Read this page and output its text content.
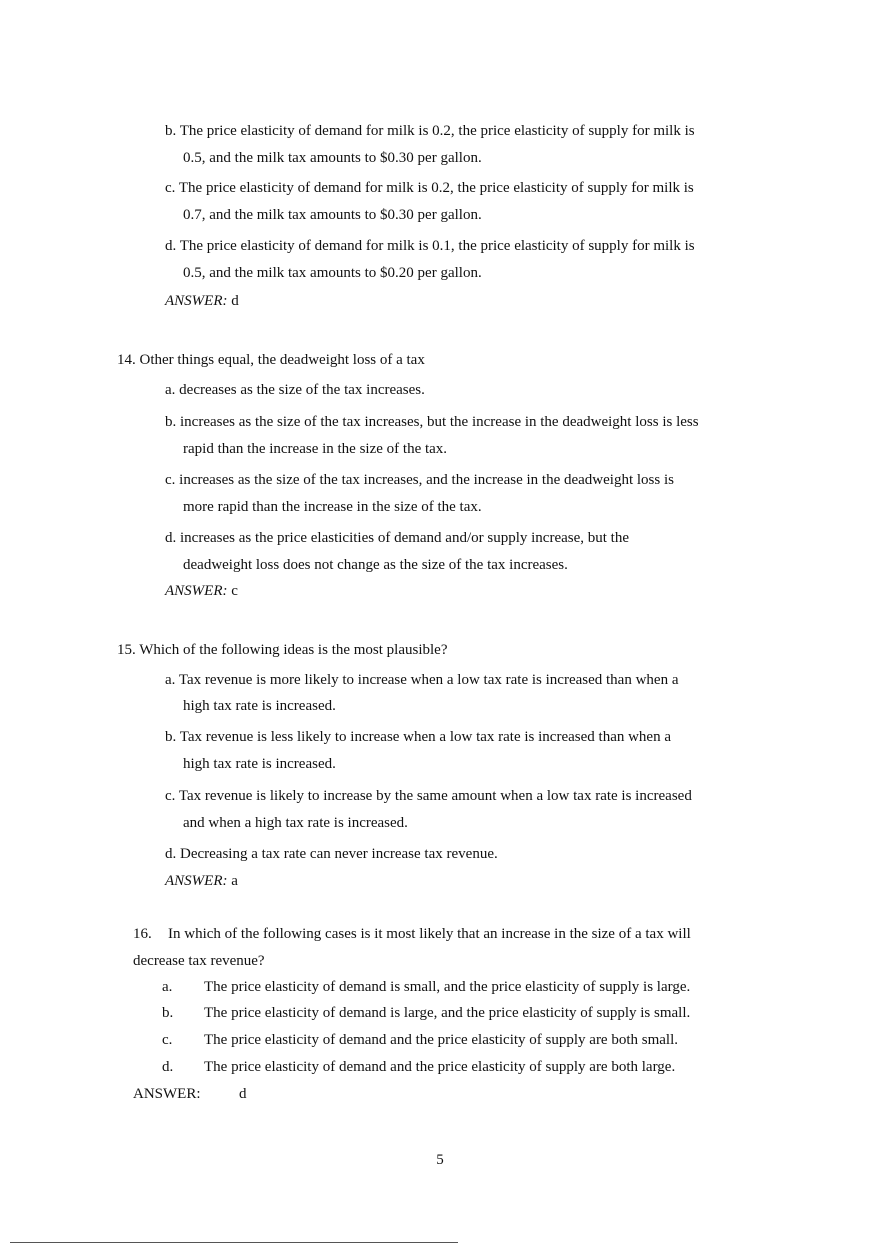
b. The price elasticity of demand for milk is 0.2, the price elasticity of supply for milk is
0.5, and the milk tax amounts to $0.30 per gallon.
c. The price elasticity of demand for milk is 0.2, the price elasticity of supply for milk is
0.7, and the milk tax amounts to $0.30 per gallon.
d. The price elasticity of demand for milk is 0.1, the price elasticity of supply for milk is
0.5, and the milk tax amounts to $0.20 per gallon.
ANSWER: d
14. Other things equal, the deadweight loss of a tax
a. decreases as the size of the tax increases.
b. increases as the size of the tax increases, but the increase in the deadweight loss is less
rapid than the increase in the size of the tax.
c. increases as the size of the tax increases, and the increase in the deadweight loss is
more rapid than the increase in the size of the tax.
d. increases as the price elasticities of demand and/or supply increase, but the
deadweight loss does not change as the size of the tax increases.
ANSWER: c
15. Which of the following ideas is the most plausible?
a. Tax revenue is more likely to increase when a low tax rate is increased than when a
high tax rate is increased.
b. Tax revenue is less likely to increase when a low tax rate is increased than when a
high tax rate is increased.
c. Tax revenue is likely to increase by the same amount when a low tax rate is increased
and when a high tax rate is increased.
d. Decreasing a tax rate can never increase tax revenue.
ANSWER: a
16. In which of the following cases is it most likely that an increase in the size of a tax will
decrease tax revenue?
a. The price elasticity of demand is small, and the price elasticity of supply is large.
b. The price elasticity of demand is large, and the price elasticity of supply is small.
c. The price elasticity of demand and the price elasticity of supply are both small.
d. The price elasticity of demand and the price elasticity of supply are both large.
ANSWER:	d
5
